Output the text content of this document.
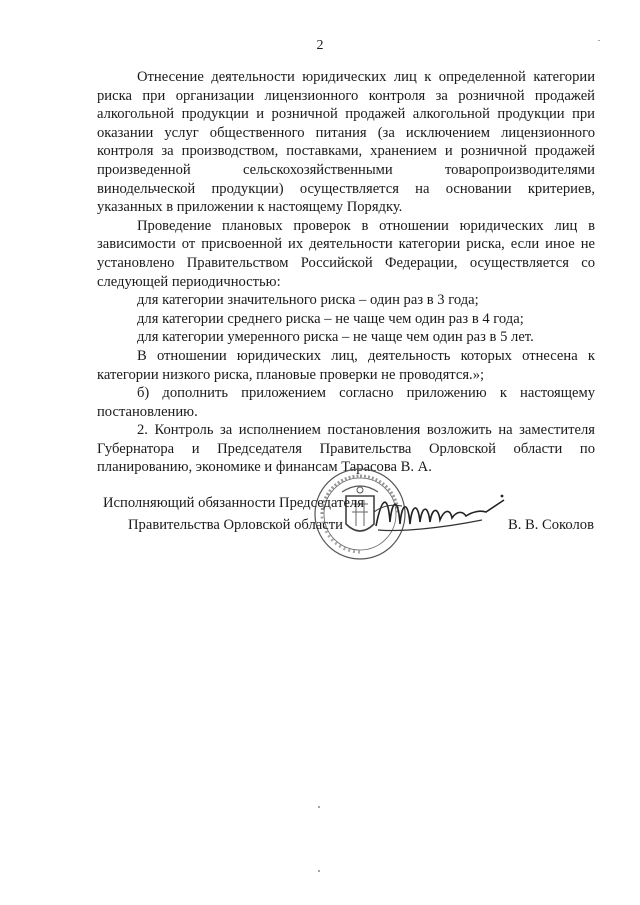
2

Отнесение деятельности юридических лиц к определенной категории риска при организации лицензионного контроля за розничной продажей алкогольной продукции и розничной продажей алкогольной продукции при оказании услуг общественного питания (за исключением лицензионного контроля за производством, поставками, хранением и розничной продажей произведенной сельскохозяйственными товаропроизводителями винодельческой продукции) осуществляется на основании критериев, указанных в приложении к настоящему Порядку.

Проведение плановых проверок в отношении юридических лиц в зависимости от присвоенной их деятельности категории риска, если иное не установлено Правительством Российской Федерации, осуществляется со следующей периодичностью:

для категории значительного риска – один раз в 3 года;

для категории среднего риска – не чаще чем один раз в 4 года;

для категории умеренного риска – не чаще чем один раз в 5 лет.

В отношении юридических лиц, деятельность которых отнесена к категории низкого риска, плановые проверки не проводятся.»;

б) дополнить приложением согласно приложению к настоящему постановлению.

2. Контроль за исполнением постановления возложить на заместителя Губернатора и Председателя Правительства Орловской области по планированию, экономике и финансам Тарасова В. А.

Исполняющий обязанности Председателя
Правительства Орловской области	В. В. Соколов
